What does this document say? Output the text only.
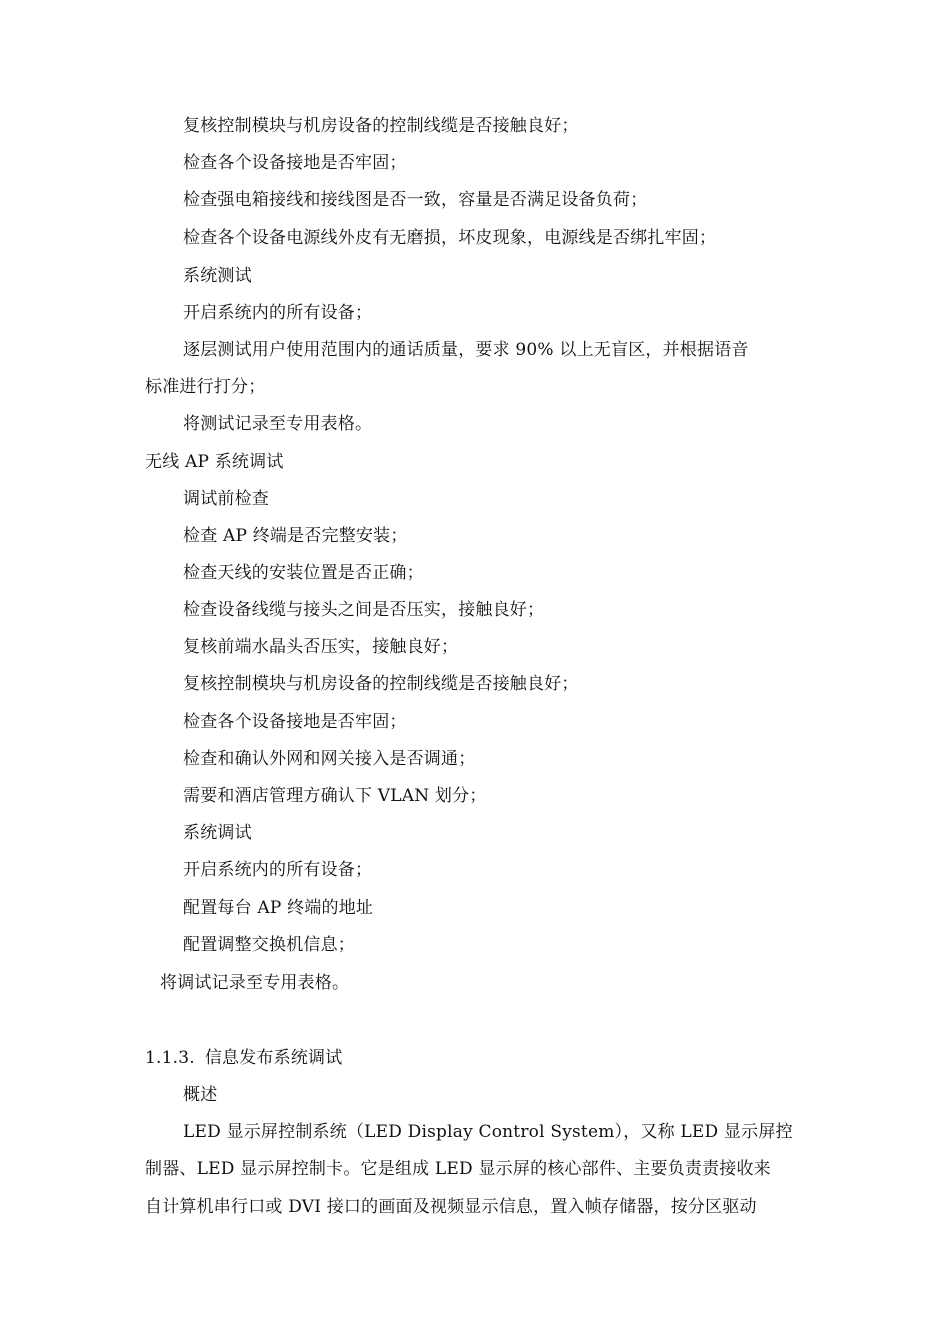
复核控制模块与机房设备的控制线缆是否接触良好；
检查各个设备接地是否牢固；
检查强电箱接线和接线图是否一致，容量是否满足设备负荷；
检查各个设备电源线外皮有无磨损，坏皮现象，电源线是否绑扎牢固；
系统测试
开启系统内的所有设备；
逐层测试用户使用范围内的通话质量，要求 90% 以上无盲区，并根据语音
标准进行打分；
将测试记录至专用表格。
无线 AP 系统调试
调试前检查
检查 AP 终端是否完整安装；
检查天线的安装位置是否正确；
检查设备线缆与接头之间是否压实，接触良好；
复核前端水晶头否压实，接触良好；
复核控制模块与机房设备的控制线缆是否接触良好；
检查各个设备接地是否牢固；
检查和确认外网和网关接入是否调通；
需要和酒店管理方确认下 VLAN 划分；
系统调试
开启系统内的所有设备；
配置每台 AP 终端的地址
配置调整交换机信息；
将调试记录至专用表格。
1.1.3. 信息发布系统调试
概述
LED 显示屏控制系统（LED Display Control System），又称 LED 显示屏控
制器、LED 显示屏控制卡。它是组成 LED 显示屏的核心部件、主要负责责接收来
自计算机串行口或 DVI 接口的画面及视频显示信息，置入帧存储器，按分区驱动
